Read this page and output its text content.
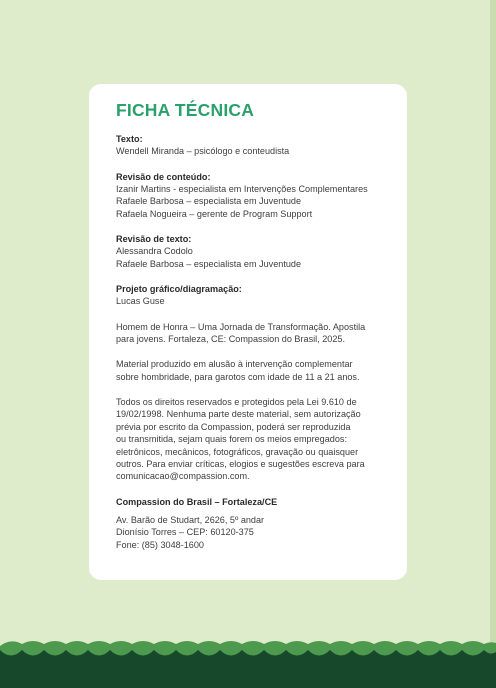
FICHA TÉCNICA
Texto:
Wendell Miranda – psicólogo e conteudista
Revisão de conteúdo:
Izanir Martins - especialista em Intervenções Complementares
Rafaele Barbosa – especialista em Juventude
Rafaela Nogueira – gerente de Program Support
Revisão de texto:
Alessandra Codolo
Rafaele Barbosa – especialista em Juventude
Projeto gráfico/diagramação:
Lucas Guse
Homem de Honra – Uma Jornada de Transformação. Apostila
para jovens. Fortaleza, CE: Compassion do Brasil, 2025.
Material produzido em alusão à intervenção complementar
sobre hombridade, para garotos com idade de 11 a 21 anos.
Todos os direitos reservados e protegidos pela Lei 9.610 de
19/02/1998. Nenhuma parte deste material, sem autorização
prévia por escrito da Compassion, poderá ser reproduzida
ou transmitida, sejam quais forem os meios empregados:
eletrônicos, mecânicos, fotográficos, gravação ou quaisquer
outros. Para enviar críticas, elogios e sugestões escreva para
comunicacao@compassion.com.
Compassion do Brasil – Fortaleza/CE
Av. Barão de Studart, 2626, 5º andar
Dionísio Torres – CEP: 60120-375
Fone: (85) 3048-1600
